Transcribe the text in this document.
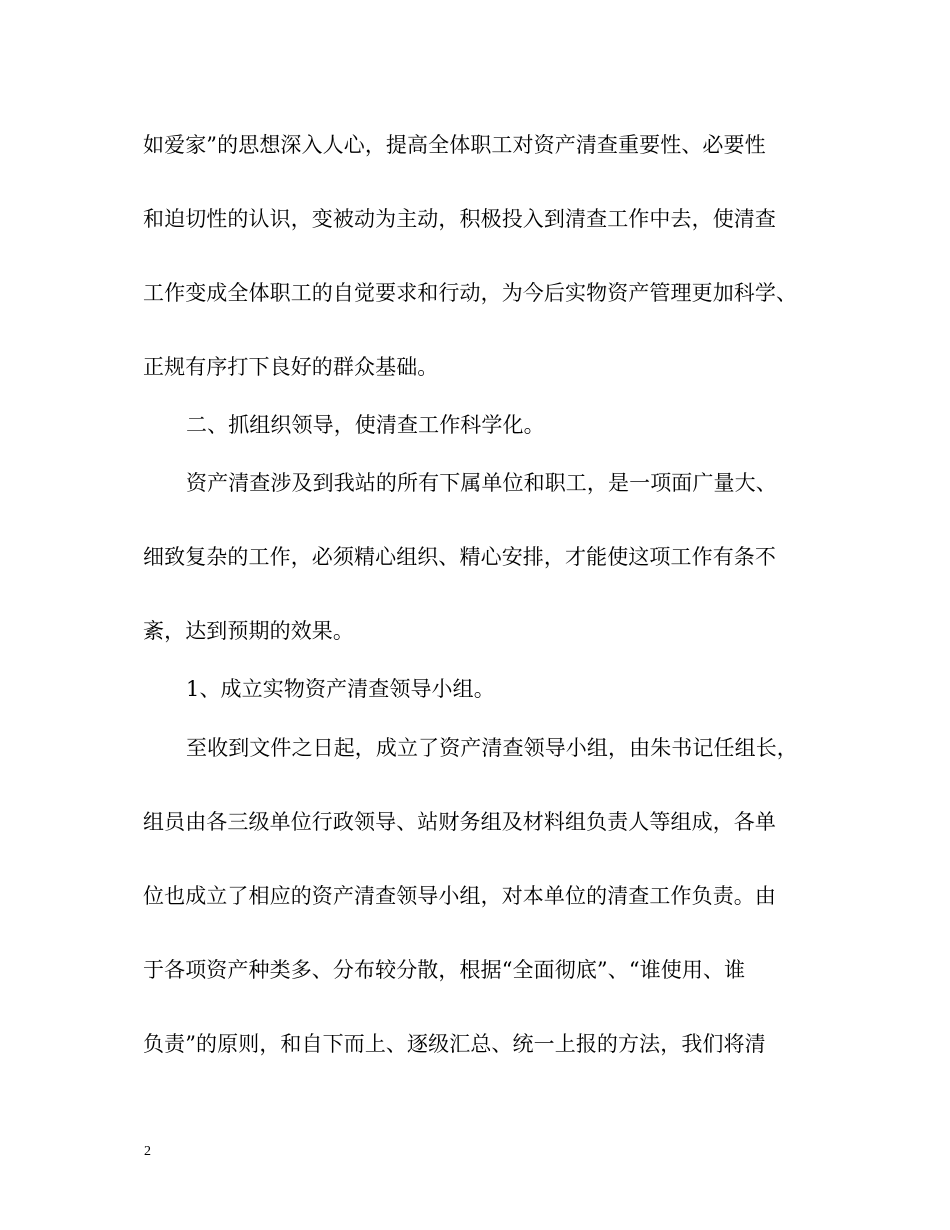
如爱家”的思想深入人心，提高全体职工对资产清查重要性、必要性
和迫切性的认识，变被动为主动，积极投入到清查工作中去，使清查
工作变成全体职工的自觉要求和行动，为今后实物资产管理更加科学、
正规有序打下良好的群众基础。
二、抓组织领导，使清查工作科学化。
资产清查涉及到我站的所有下属单位和职工，是一项面广量大、
细致复杂的工作，必须精心组织、精心安排，才能使这项工作有条不
紊，达到预期的效果。
1、成立实物资产清查领导小组。
至收到文件之日起，成立了资产清查领导小组，由朱书记任组长，
组员由各三级单位行政领导、站财务组及材料组负责人等组成，各单
位也成立了相应的资产清查领导小组，对本单位的清查工作负责。由
于各项资产种类多、分布较分散，根据“全面彻底”、“谁使用、谁
负责”的原则，和自下而上、逐级汇总、统一上报的方法，我们将清
2
